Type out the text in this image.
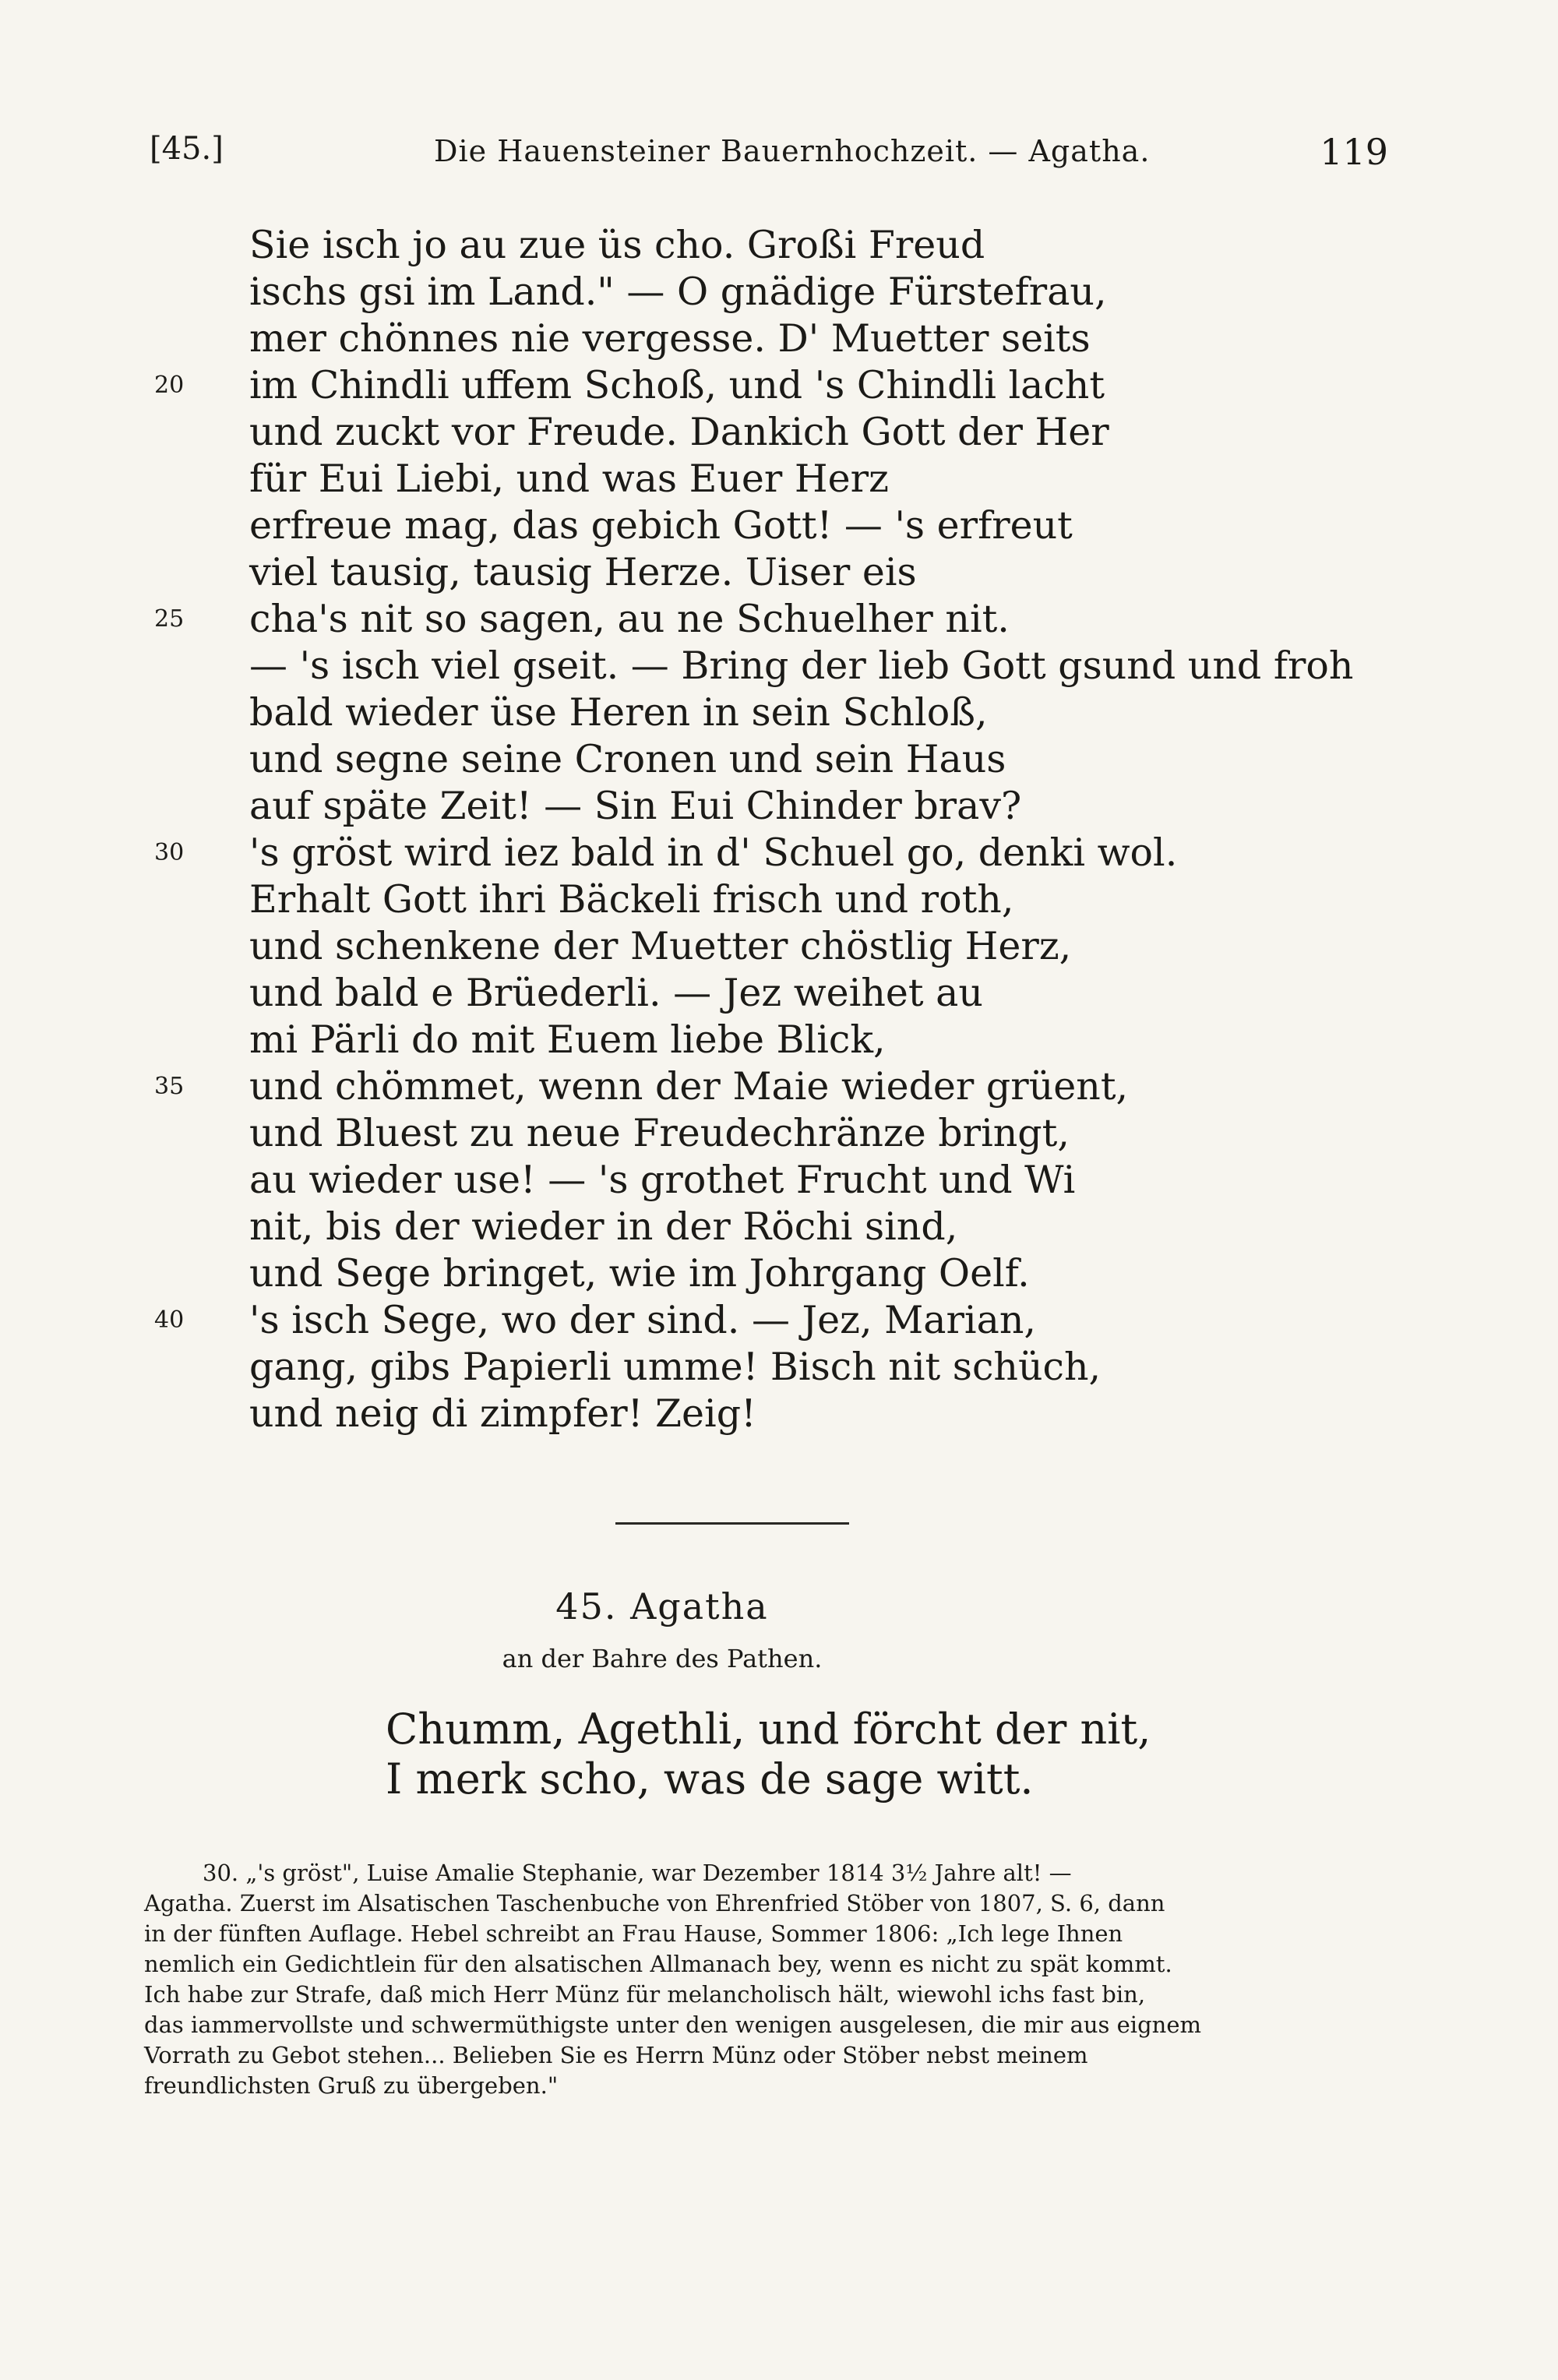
[45.]	Die Hauensteiner Bauernhochzeit. — Agatha.	119
Sie isch jo au zue üs cho. Großi Freud
ischs gsi im Land." — O gnädige Fürstefrau,
mer chönnes nie vergesse. D' Muetter seits
im Chindli uffem Schoß, und 's Chindli lacht
und zuckt vor Freude. Dankich Gott der Her
für Eui Liebi, und was Euer Herz
erfreue mag, das gebich Gott! — 's erfreut
viel tausig, tausig Herze. Uiser eis
cha's nit so sagen, au ne Schuelher nit.
— 's isch viel gseit. — Bring der lieb Gott gsund und froh
bald wieder üse Heren in sein Schloß,
und segne seine Cronen und sein Haus
auf späte Zeit! — Sin Eui Chinder brav?
's gröst wird iez bald in d' Schuel go, denki wol.
Erhalt Gott ihri Bäckeli frisch und roth,
und schenkene der Muetter chöstlig Herz,
und bald e Brüederli. — Jez weihet au
mi Pärli do mit Euem liebe Blick,
und chömmet, wenn der Maie wieder grüent,
und Bluest zu neue Freudechränze bringt,
au wieder use! — 's grothet Frucht und Wi
nit, bis der wieder in der Röchi sind,
und Sege bringet, wie im Johrgang Oelf.
's isch Sege, wo der sind. — Jez, Marian,
gang, gibs Papierli umme! Bisch nit schüch,
und neig di zimpfer! Zeig!
20
25
30
35
40
45. Agatha
an der Bahre des Pathen.
Chumm, Agethli, und förcht der nit,
I merk scho, was de sage witt.
30. „'s gröst", Luise Amalie Stephanie, war Dezember 1814 3½ Jahre alt! —
Agatha. Zuerst im Alsatischen Taschenbuche von Ehrenfried Stöber von 1807, S. 6, dann
in der fünften Auflage. Hebel schreibt an Frau Hause, Sommer 1806: „Ich lege Ihnen
nemlich ein Gedichtlein für den alsatischen Allmanach bey, wenn es nicht zu spät kommt.
Ich habe zur Strafe, daß mich Herr Münz für melancholisch hält, wiewohl ichs fast bin,
das iammervollste und schwermüthigste unter den wenigen ausgelesen, die mir aus eignem
Vorrath zu Gebot stehen... Belieben Sie es Herrn Münz oder Stöber nebst meinem
freundlichsten Gruß zu übergeben."
